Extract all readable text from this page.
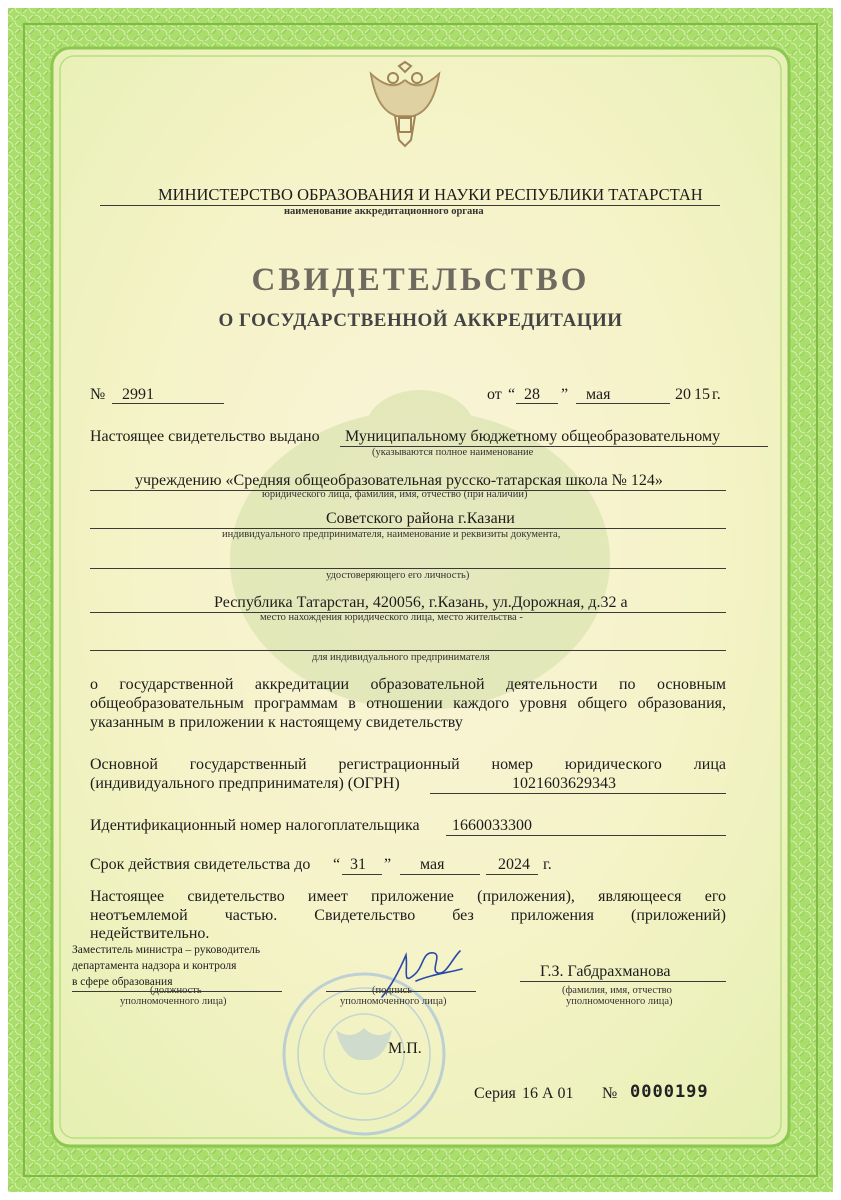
МИНИСТЕРСТВО ОБРАЗОВАНИЯ И НАУКИ РЕСПУБЛИКИ ТАТАРСТАН
наименование аккредитационного органа
СВИДЕТЕЛЬСТВО
О ГОСУДАРСТВЕННОЙ АККРЕДИТАЦИИ
№ 2991	от “ 28 ” мая	20 15 г.
Настоящее свидетельство выдано Муниципальному бюджетному общеобразовательному
(указываются полное наименование
учреждению «Средняя общеобразовательная русско-татарская школа № 124»
юридического лица, фамилия, имя, отчество (при наличии)
Советского района г.Казани
индивидуального предпринимателя, наименование и реквизиты документа,
удостоверяющего его личность)
Республика Татарстан, 420056, г.Казань, ул.Дорожная, д.32 а
место нахождения юридического лица, место жительства -
для индивидуального предпринимателя
о государственной аккредитации образовательной деятельности по основным
общеобразовательным программам в отношении каждого уровня общего образования,
указанным в приложении к настоящему свидетельству
Основной государственный регистрационный номер юридического лица
(индивидуального предпринимателя) (ОГРН)	1021603629343
Идентификационный номер налогоплательщика 1660033300
Срок действия свидетельства до “ 31 ” мая	2024 г.
Настоящее свидетельство имеет приложение (приложения), являющееся его
неотъемлемой частью. Свидетельство без приложения (приложений)
недействительно.
Заместитель министра – руководитель
департамента надзора и контроля
в сфере образования
(должность
уполномоченного лица)
(подпись
уполномоченного лица)
Г.З. Габдрахманова
(фамилия, имя, отчество
уполномоченного лица)
М.П.
Серия 16 А 01 № 0000199
